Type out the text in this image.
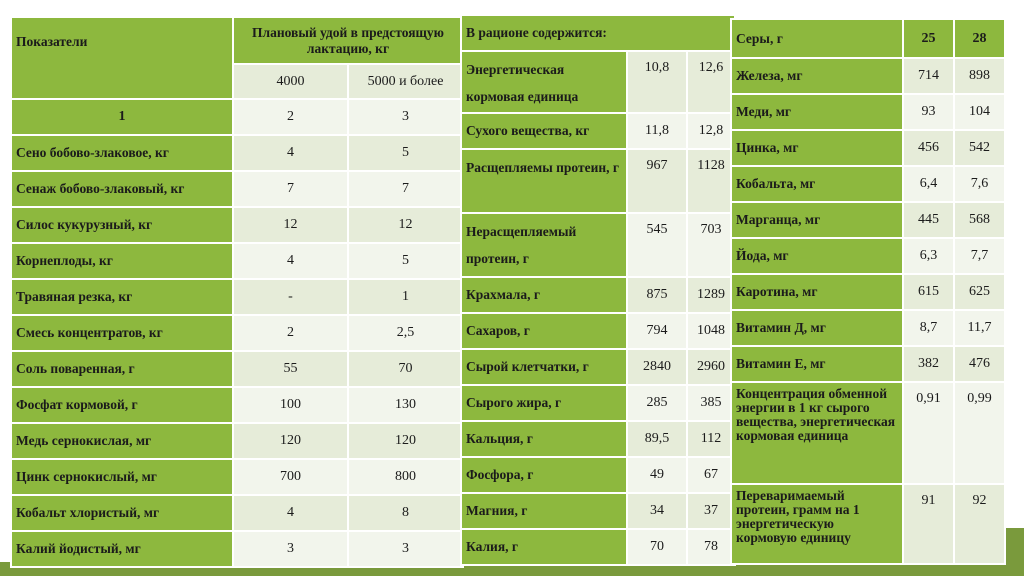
Показатели	Плановый удой в предстоящую лактацию, кг	
	4000	5000 и более
1	2	3
Сено бобово-злаковое, кг	4	5
Сенаж бобово-злаковый, кг	7	7
Силос кукурузный, кг	12	12
Корнеплоды, кг	4	5
Травяная резка, кг	-	1
Смесь концентратов, кг	2	2,5
Соль поваренная, г	55	70
Фосфат кормовой, г	100	130
Медь сернокислая, мг	120	120
Цинк сернокислый, мг	700	800
Кобальт хлористый, мг	4	8
Калий йодистый, мг	3	3
В рационе содержится:		
Энергетическая кормовая единица	10,8	12,6
Сухого вещества, кг	11,8	12,8
Расщепляемы протеин, г	967	1128
Нерасщепляемый протеин, г	545	703
Крахмала, г	875	1289
Сахаров, г	794	1048
Сырой клетчатки, г	2840	2960
Сырого жира, г	285	385
Кальция, г	89,5	112
Фосфора, г	49	67
Магния, г	34	37
Калия, г	70	78
Серы, г	25	28
Железа, мг	714	898
Меди, мг	93	104
Цинка, мг	456	542
Кобальта, мг	6,4	7,6
Марганца, мг	445	568
Йода, мг	6,3	7,7
Каротина, мг	615	625
Витамин Д, мг	8,7	11,7
Витамин Е, мг	382	476
Концентрация обменной энергии в 1 кг сырого вещества, энергетическая кормовая единица	0,91	0,99
Переваримаемый протеин, грамм на 1 энергетическую кормовую единицу	91	92
